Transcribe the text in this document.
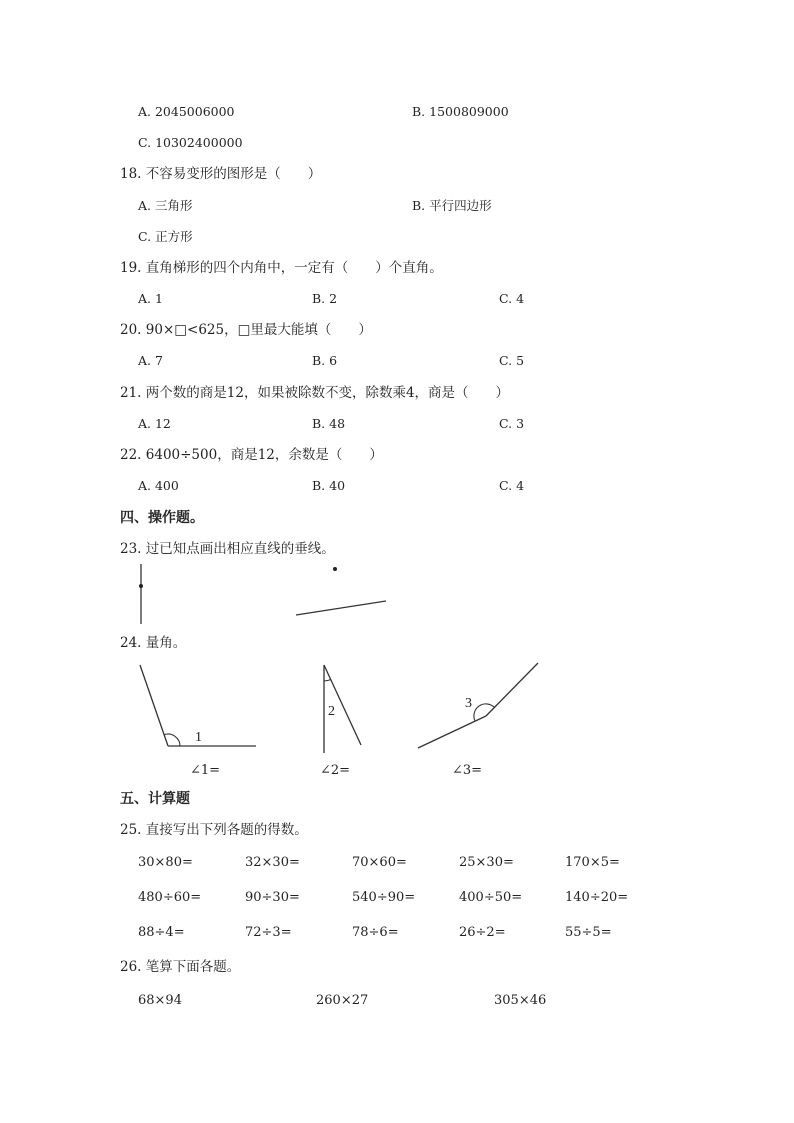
A. 2045006000	B. 1500809000
C. 10302400000
18. 不容易变形的图形是（　　）
A. 三角形	B. 平行四边形
C. 正方形
19. 直角梯形的四个内角中，一定有（　　）个直角。
A. 1	B. 2	C. 4
20. 90×□<625，□里最大能填（　　）
A. 7	B. 6	C. 5
21. 两个数的商是12，如果被除数不变，除数乘4，商是（　　）
A. 12	B. 48	C. 3
22. 6400÷500，商是12，余数是（　　）
A. 400	B. 40	C. 4
四、操作题。
23. 过已知点画出相应直线的垂线。
24. 量角。
1
2
3
∠1=	∠2=	∠3=
五、计算题
25. 直接写出下列各题的得数。
30×80=	32×30=	70×60=	25×30=	170×5=
480÷60=	90÷30=	540÷90=	400÷50=	140÷20=
88÷4=	72÷3=	78÷6=	26÷2=	55÷5=
26. 笔算下面各题。
68×94	260×27	305×46
